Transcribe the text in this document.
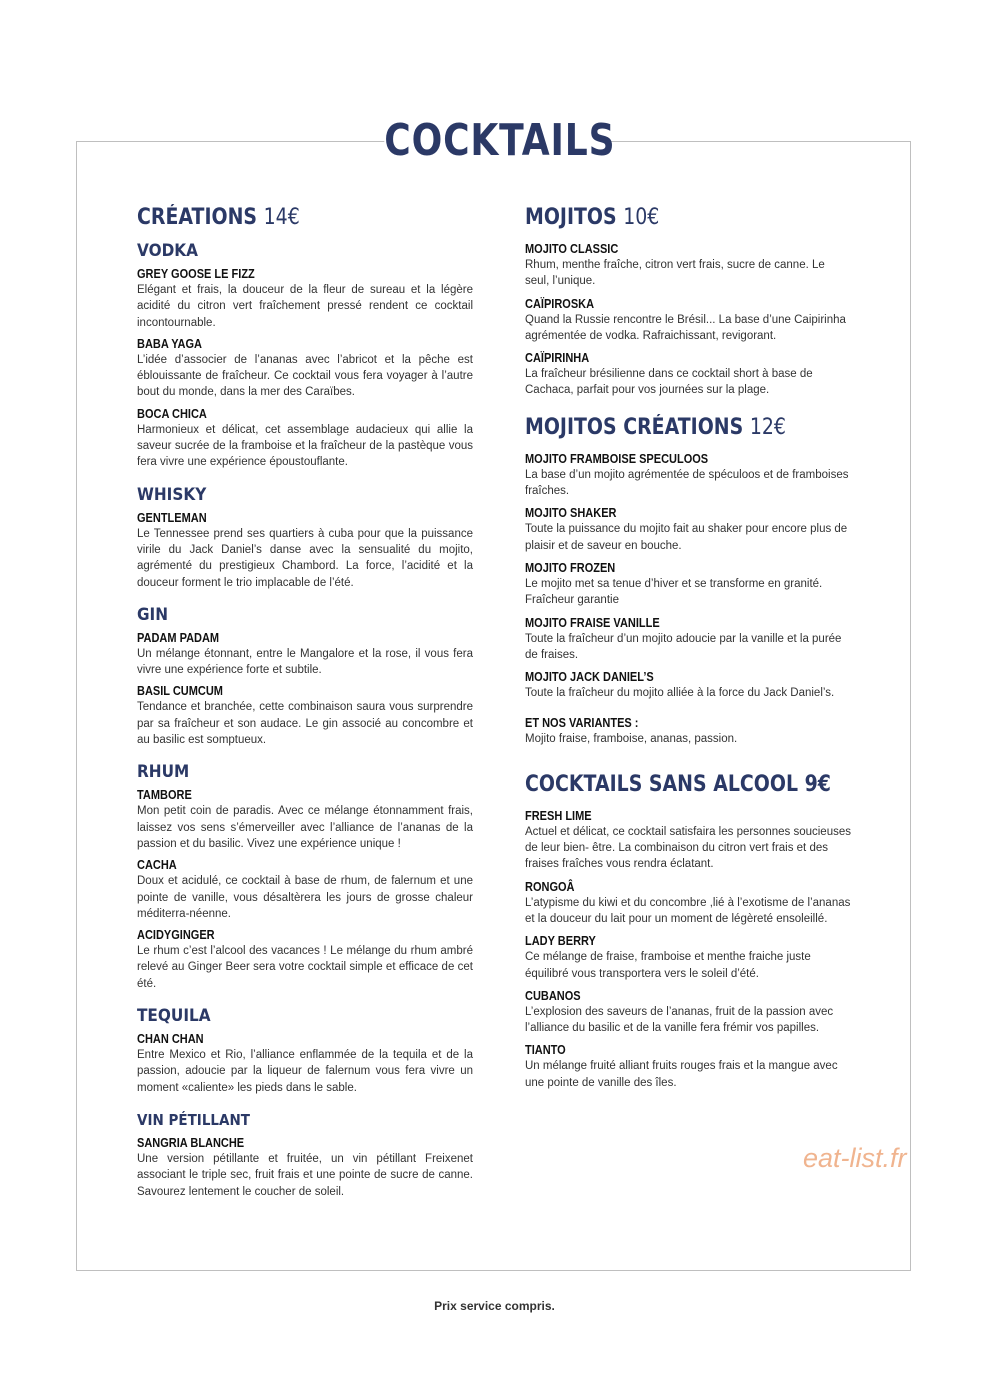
COCKTAILS
CRÉATIONS 14€
VODKA
GREY GOOSE LE FIZZ
Elégant et frais, la douceur de la fleur de sureau et la légère acidité du citron vert fraîchement pressé rendent ce cocktail incontournable.
BABA YAGA
L’idée d’associer de l’ananas avec l’abricot et la pêche est éblouissante de fraîcheur. Ce cocktail vous fera voyager à l’autre bout du monde, dans la mer des Caraïbes.
BOCA CHICA
Harmonieux et délicat, cet assemblage audacieux qui allie la saveur sucrée de la framboise et la fraîcheur de la pastèque vous fera vivre une expérience époustouflante.
WHISKY
GENTLEMAN
Le Tennessee prend ses quartiers à cuba pour que la puissance virile du Jack Daniel’s danse avec la sensualité du mojito, agrémenté du prestigieux Chambord. La force, l’acidité et la douceur forment le trio implacable de l’été.
GIN
PADAM PADAM
Un mélange étonnant, entre le Mangalore et la rose, il vous fera vivre une expérience forte et subtile.
BASIL CUMCUM
Tendance et branchée, cette combinaison saura vous surprendre par sa fraîcheur et son audace. Le gin associé au concombre et au basilic est somptueux.
RHUM
TAMBORE
Mon petit coin de paradis. Avec ce mélange étonnamment frais, laissez vos sens s’émerveiller avec l’alliance de l’ananas de la passion et du basilic. Vivez une expérience unique !
CACHA
Doux et acidulé, ce cocktail à base de rhum, de falernum et une pointe de vanille, vous désaltèrera les jours de grosse chaleur méditerra-néenne.
ACIDYGINGER
Le rhum c’est l’alcool des vacances ! Le mélange du rhum ambré relevé au Ginger Beer sera votre cocktail simple et efficace de cet été.
TEQUILA
CHAN CHAN
Entre Mexico et Rio, l’alliance enflammée de la tequila et de la passion, adoucie par la liqueur de falernum vous fera vivre un moment «caliente» les pieds dans le sable.
VIN PÉTILLANT
SANGRIA BLANCHE
Une version pétillante et fruitée, un vin pétillant Freixenet associant le triple sec, fruit frais et une pointe de sucre de canne. Savourez lentement le coucher de soleil.
MOJITOS 10€
MOJITO CLASSIC
Rhum, menthe fraîche, citron vert frais, sucre de canne. Le seul, l’unique.
CAÏPIROSKA
Quand la Russie rencontre le Brésil... La base d’une Caipirinha agrémentée de vodka. Rafraichissant, revigorant.
CAÏPIRINHA
La fraîcheur brésilienne dans ce cocktail short à base de Cachaca, parfait pour vos journées sur la plage.
MOJITOS CRÉATIONS 12€
MOJITO FRAMBOISE SPECULOOS
La base d’un mojito agrémentée de spéculoos et de framboises fraîches.
MOJITO SHAKER
Toute la puissance du mojito fait au shaker pour encore plus de plaisir et de saveur en bouche.
MOJITO FROZEN
Le mojito met sa tenue d’hiver et se transforme en granité. Fraîcheur garantie
MOJITO FRAISE VANILLE
Toute la fraîcheur d’un mojito adoucie par la vanille et la purée de fraises.
MOJITO JACK DANIEL’S
Toute la fraîcheur du mojito alliée à la force du Jack Daniel’s.
ET NOS VARIANTES :
Mojito fraise, framboise, ananas, passion.
COCKTAILS SANS ALCOOL 9€
FRESH LIME
Actuel et délicat, ce cocktail satisfaira les personnes soucieuses de leur bien- être. La combinaison du citron vert frais et des fraises fraîches vous rendra éclatant.
RONGOÂ
L’atypisme du kiwi et du concombre ,lié à l’exotisme de l’ananas et la douceur du lait pour un moment de légèreté ensoleillé.
LADY BERRY
Ce mélange de fraise, framboise et menthe fraiche juste équilibré vous transportera vers le soleil d’été.
CUBANOS
L’explosion des saveurs de l’ananas, fruit de la passion avec l’alliance du basilic et de la vanille fera frémir vos papilles.
TIANTO
Un mélange fruité alliant fruits rouges frais et la mangue avec une pointe de vanille des îles.
eat-list.fr
Prix service compris.
